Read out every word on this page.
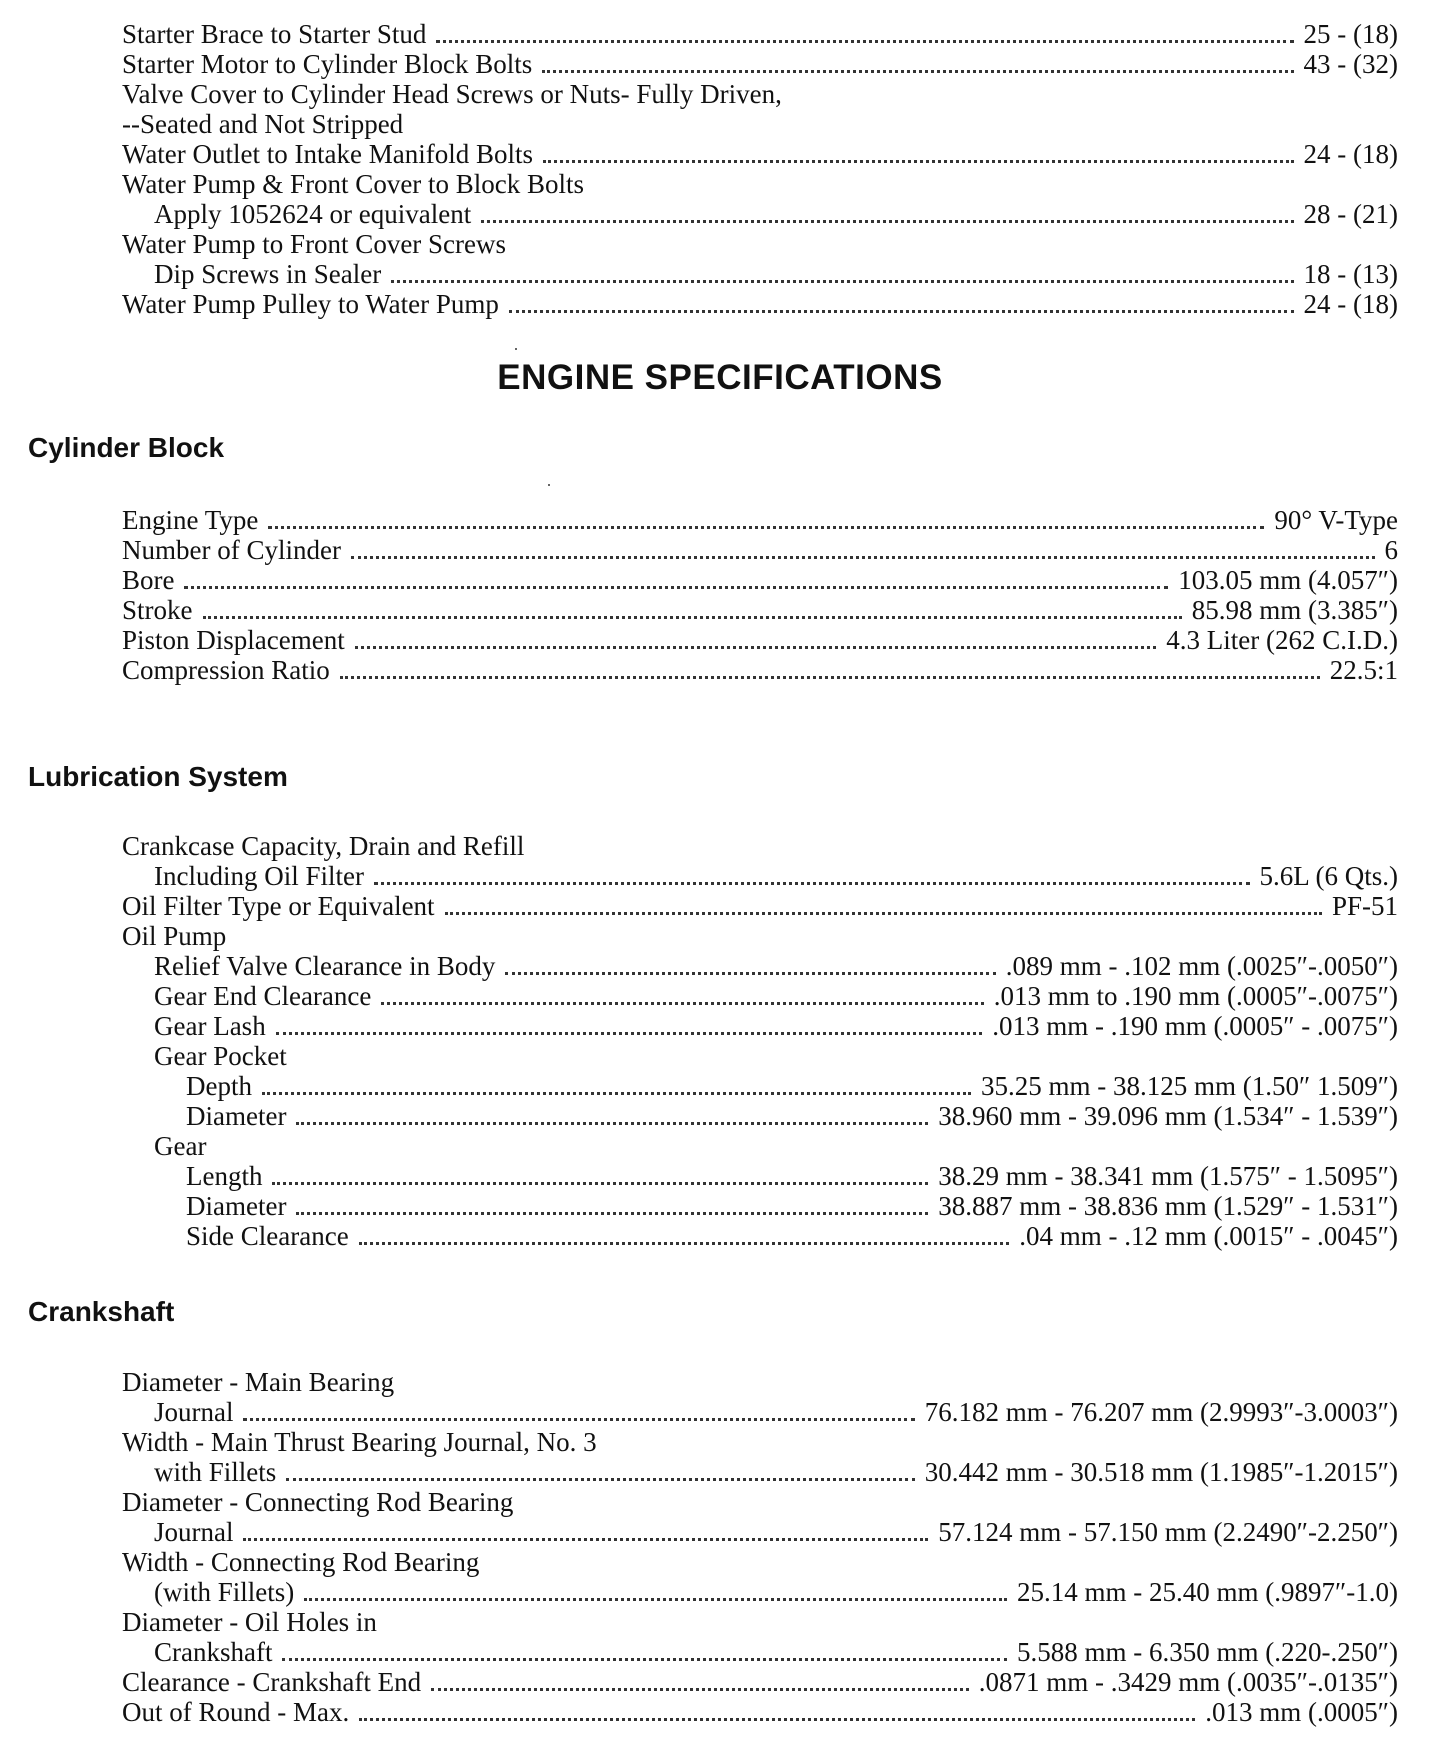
Starter Brace to Starter Stud	25 - (18)
Starter Motor to Cylinder Block Bolts	43 - (32)
Valve Cover to Cylinder Head Screws or Nuts- Fully Driven,
--Seated and Not Stripped
Water Outlet to Intake Manifold Bolts	24 - (18)
Water Pump & Front Cover to Block Bolts
Apply 1052624 or equivalent	28 - (21)
Water Pump to Front Cover Screws
Dip Screws in Sealer	18 - (13)
Water Pump Pulley to Water Pump	24 - (18)
ENGINE SPECIFICATIONS
Cylinder Block
Engine Type	90° V-Type
Number of Cylinder	6
Bore	103.05 mm (4.057″)
Stroke	85.98 mm (3.385″)
Piston Displacement	4.3 Liter (262 C.I.D.)
Compression Ratio	22.5:1
Lubrication System
Crankcase Capacity, Drain and Refill
Including Oil Filter	5.6L (6 Qts.)
Oil Filter Type or Equivalent	PF-51
Oil Pump
Relief Valve Clearance in Body	.089 mm - .102 mm (.0025″-.0050″)
Gear End Clearance	.013 mm to .190 mm (.0005″-.0075″)
Gear Lash	.013 mm - .190 mm (.0005″ - .0075″)
Gear Pocket
Depth	35.25 mm - 38.125 mm (1.50″ 1.509″)
Diameter	38.960 mm - 39.096 mm (1.534″ - 1.539″)
Gear
Length	38.29 mm - 38.341 mm (1.575″ - 1.5095″)
Diameter	38.887 mm - 38.836 mm (1.529″ - 1.531″)
Side Clearance	.04 mm - .12 mm (.0015″ - .0045″)
Crankshaft
Diameter - Main Bearing
Journal	76.182 mm - 76.207 mm (2.9993″-3.0003″)
Width - Main Thrust Bearing Journal, No. 3
with Fillets	30.442 mm - 30.518 mm (1.1985″-1.2015″)
Diameter - Connecting Rod Bearing
Journal	57.124 mm - 57.150 mm (2.2490″-2.250″)
Width - Connecting Rod Bearing
(with Fillets)	25.14 mm - 25.40 mm (.9897″-1.0)
Diameter - Oil Holes in
Crankshaft	5.588 mm - 6.350 mm (.220-.250″)
Clearance - Crankshaft End	.0871 mm - .3429 mm (.0035″-.0135″)
Out of Round - Max.	.013 mm (.0005″)
